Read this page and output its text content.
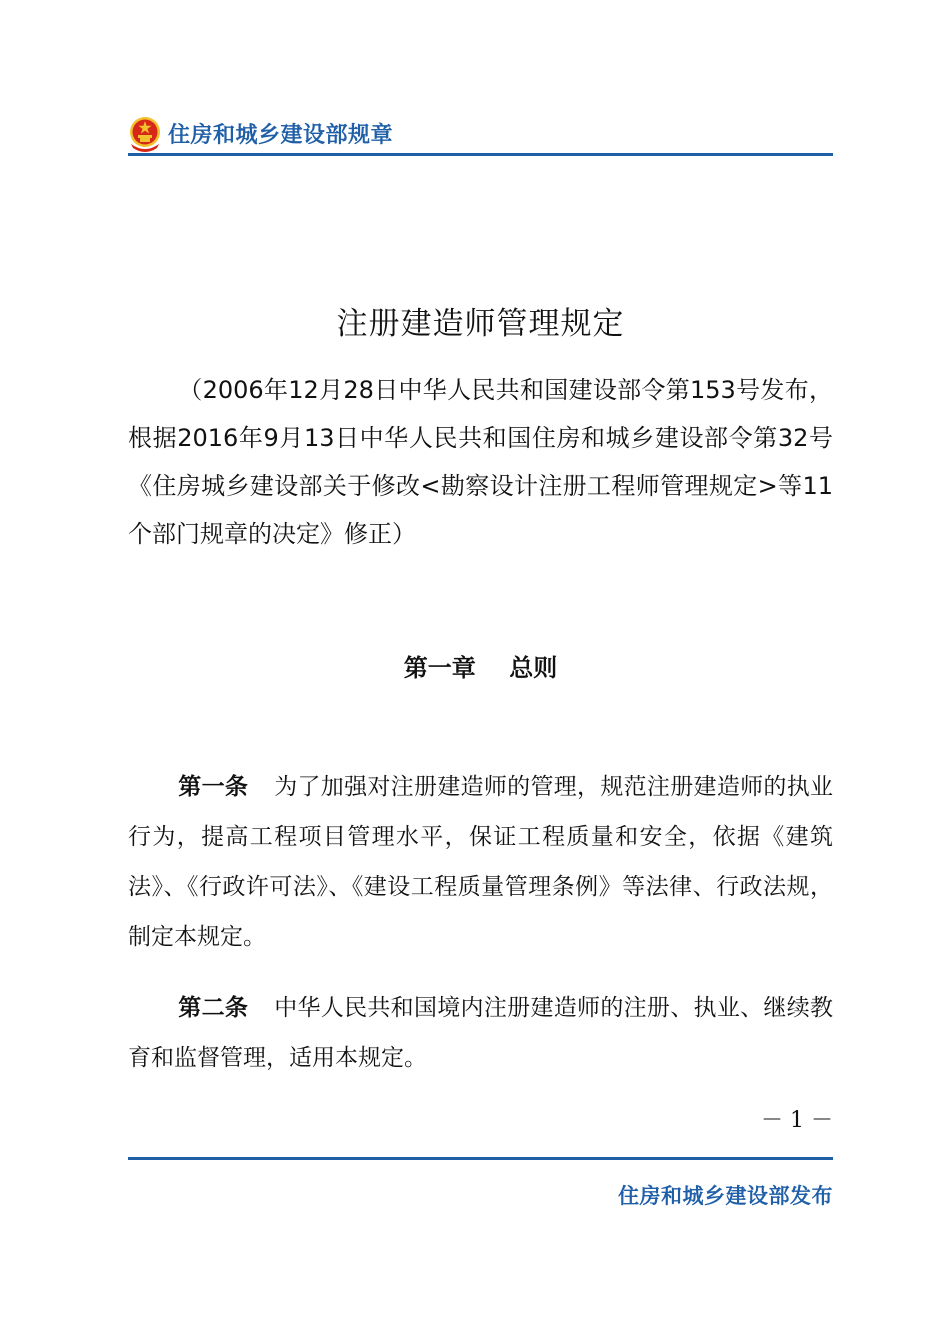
住房和城乡建设部规章
注册建造师管理规定
（2006年12月28日中华人民共和国建设部令第153号发布，根据2016年9月13日中华人民共和国住房和城乡建设部令第32号《住房城乡建设部关于修改<勘察设计注册工程师管理规定>等11个部门规章的决定》修正）
第一章    总则
第一条 为了加强对注册建造师的管理，规范注册建造师的执业行为，提高工程项目管理水平，保证工程质量和安全，依据《建筑法》、《行政许可法》、《建设工程质量管理条例》等法律、行政法规，制定本规定。
第二条 中华人民共和国境内注册建造师的注册、执业、继续教育和监督管理，适用本规定。
－ 1 －
住房和城乡建设部发布
